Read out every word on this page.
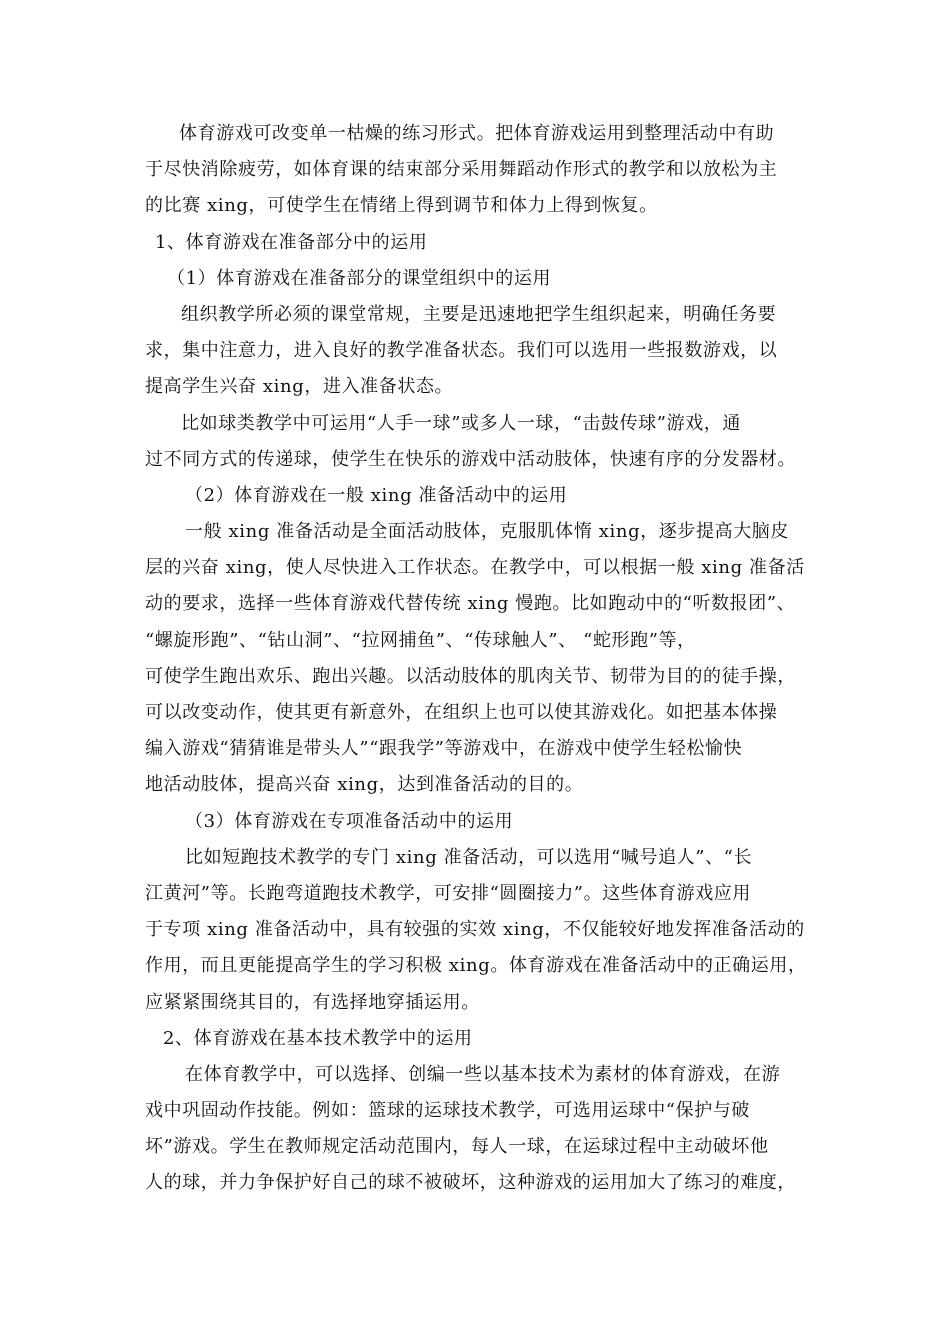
体育游戏可改变单一枯燥的练习形式。把体育游戏运用到整理活动中有助
于尽快消除疲劳，如体育课的结束部分采用舞蹈动作形式的教学和以放松为主
的比赛 xing，可使学生在情绪上得到调节和体力上得到恢复。
1、体育游戏在准备部分中的运用
（1）体育游戏在准备部分的课堂组织中的运用
组织教学所必须的课堂常规，主要是迅速地把学生组织起来，明确任务要
求，集中注意力，进入良好的教学准备状态。我们可以选用一些报数游戏，以
提高学生兴奋 xing，进入准备状态。
比如球类教学中可运用“人手一球”或多人一球，“击鼓传球”游戏，通
过不同方式的传递球，使学生在快乐的游戏中活动肢体，快速有序的分发器材。
（2）体育游戏在一般 xing 准备活动中的运用
一般 xing 准备活动是全面活动肢体，克服肌体惰 xing，逐步提高大脑皮
层的兴奋 xing，使人尽快进入工作状态。在教学中，可以根据一般 xing 准备活
动的要求，选择一些体育游戏代替传统 xing 慢跑。比如跑动中的“听数报团”、
“螺旋形跑”、“钻山洞”、“拉网捕鱼”、“传球触人”、 “蛇形跑”等，
可使学生跑出欢乐、跑出兴趣。以活动肢体的肌肉关节、韧带为目的的徒手操，
可以改变动作，使其更有新意外，在组织上也可以使其游戏化。如把基本体操
编入游戏“猜猜谁是带头人”“跟我学”等游戏中，在游戏中使学生轻松愉快
地活动肢体，提高兴奋 xing，达到准备活动的目的。
（3）体育游戏在专项准备活动中的运用
比如短跑技术教学的专门 xing 准备活动，可以选用“喊号追人”、“长
江黄河”等。长跑弯道跑技术教学，可安排“圆圈接力”。这些体育游戏应用
于专项 xing 准备活动中，具有较强的实效 xing，不仅能较好地发挥准备活动的
作用，而且更能提高学生的学习积极 xing。体育游戏在准备活动中的正确运用，
应紧紧围绕其目的，有选择地穿插运用。
2、体育游戏在基本技术教学中的运用
在体育教学中，可以选择、创编一些以基本技术为素材的体育游戏，在游
戏中巩固动作技能。例如：篮球的运球技术教学，可选用运球中“保护与破
坏”游戏。学生在教师规定活动范围内，每人一球，在运球过程中主动破坏他
人的球，并力争保护好自己的球不被破坏，这种游戏的运用加大了练习的难度，
